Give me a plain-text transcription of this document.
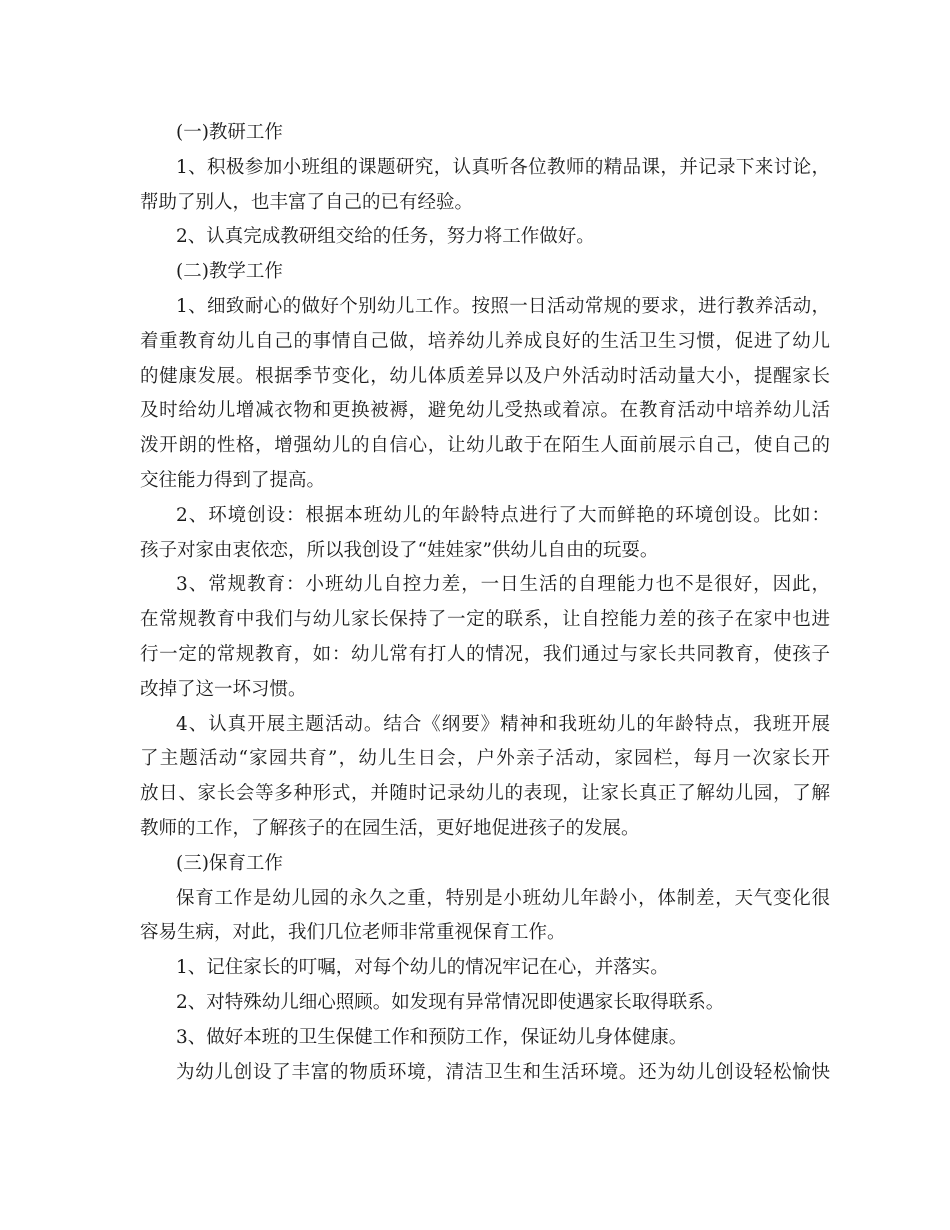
(一)教研工作
1、积极参加小班组的课题研究，认真听各位教师的精品课，并记录下来讨论，
帮助了别人，也丰富了自己的已有经验。
2、认真完成教研组交给的任务，努力将工作做好。
(二)教学工作
1、细致耐心的做好个别幼儿工作。按照一日活动常规的要求，进行教养活动，
着重教育幼儿自己的事情自己做，培养幼儿养成良好的生活卫生习惯，促进了幼儿
的健康发展。根据季节变化，幼儿体质差异以及户外活动时活动量大小，提醒家长
及时给幼儿增减衣物和更换被褥，避免幼儿受热或着凉。在教育活动中培养幼儿活
泼开朗的性格，增强幼儿的自信心，让幼儿敢于在陌生人面前展示自己，使自己的
交往能力得到了提高。
2、环境创设：根据本班幼儿的年龄特点进行了大而鲜艳的环境创设。比如：
孩子对家由衷依恋，所以我创设了“娃娃家”供幼儿自由的玩耍。
3、常规教育：小班幼儿自控力差，一日生活的自理能力也不是很好，因此，
在常规教育中我们与幼儿家长保持了一定的联系，让自控能力差的孩子在家中也进
行一定的常规教育，如：幼儿常有打人的情况，我们通过与家长共同教育，使孩子
改掉了这一坏习惯。
4、认真开展主题活动。结合《纲要》精神和我班幼儿的年龄特点，我班开展
了主题活动“家园共育”，幼儿生日会，户外亲子活动，家园栏，每月一次家长开
放日、家长会等多种形式，并随时记录幼儿的表现，让家长真正了解幼儿园，了解
教师的工作，了解孩子的在园生活，更好地促进孩子的发展。
(三)保育工作
保育工作是幼儿园的永久之重，特别是小班幼儿年龄小，体制差，天气变化很
容易生病，对此，我们几位老师非常重视保育工作。
1、记住家长的叮嘱，对每个幼儿的情况牢记在心，并落实。
2、对特殊幼儿细心照顾。如发现有异常情况即使遇家长取得联系。
3、做好本班的卫生保健工作和预防工作，保证幼儿身体健康。
为幼儿创设了丰富的物质环境，清洁卫生和生活环境。还为幼儿创设轻松愉快
